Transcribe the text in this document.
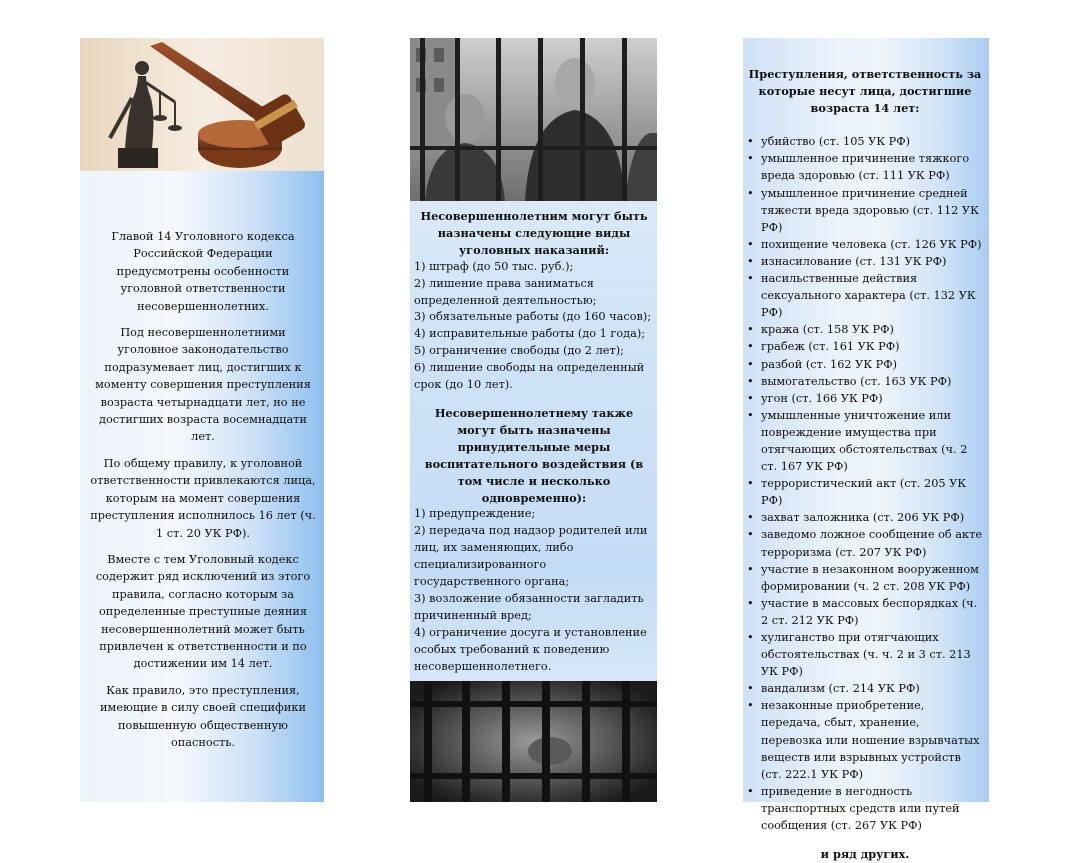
Главой 14 Уголовного кодекса Российской Федерации предусмотрены особенности уголовной ответственности несовершеннолетних.

Под несовершеннолетними уголовное законодательство подразумевает лиц, достигших к моменту совершения преступления возраста четырнадцати лет, но не достигших возраста восемнадцати лет.

По общему правилу, к уголовной ответственности привлекаются лица, которым на момент совершения преступления исполнилось 16 лет (ч. 1 ст. 20 УК РФ).

Вместе с тем Уголовный кодекс содержит ряд исключений из этого правила, согласно которым за определенные преступные деяния несовершеннолетний может быть привлечен к ответственности и по достижении им 14 лет.

Как правило, это преступления, имеющие в силу своей специфики повышенную общественную опасность.

Несовершеннолетним могут быть назначены следующие виды уголовных наказаний:
1) штраф (до 50 тыс. руб.);
2) лишение права заниматься определенной деятельностью;
3) обязательные работы (до 160 часов);
4) исправительные работы (до 1 года);
5) ограничение свободы (до 2 лет);
6) лишение свободы на определенный срок (до 10 лет).
Несовершеннолетнему также могут быть назначены принудительные меры воспитательного воздействия (в том числе и несколько одновременно):
1) предупреждение;
2) передача под надзор родителей или лиц, их заменяющих, либо специализированного государственного органа;
3) возложение обязанности загладить причиненный вред;
4) ограничение досуга и установление особых требований к поведению несовершеннолетнего.
Преступления, ответственность за которые несут лица, достигшие возраста 14 лет:
• убийство (ст. 105 УК РФ)
• умышленное причинение тяжкого вреда здоровью (ст. 111 УК РФ)
• умышленное причинение средней тяжести вреда здоровью (ст. 112 УК РФ)
• похищение человека (ст. 126 УК РФ)
• изнасилование (ст. 131 УК РФ)
• насильственные действия сексуального характера (ст. 132 УК РФ)
• кража (ст. 158 УК РФ)
• грабеж (ст. 161 УК РФ)
• разбой (ст. 162 УК РФ)
• вымогательство (ст. 163 УК РФ)
• угон (ст. 166 УК РФ)
• умышленные уничтожение или повреждение имущества при отягчающих обстоятельствах (ч. 2 ст. 167 УК РФ)
• террористический акт (ст. 205 УК РФ)
• захват заложника (ст. 206 УК РФ)
• заведомо ложное сообщение об акте терроризма (ст. 207 УК РФ)
• участие в незаконном вооруженном формировании (ч. 2 ст. 208 УК РФ)
• участие в массовых беспорядках (ч. 2 ст. 212 УК РФ)
• хулиганство при отягчающих обстоятельствах (ч. ч. 2 и 3 ст. 213 УК РФ)
• вандализм (ст. 214 УК РФ)
• незаконные приобретение, передача, сбыт, хранение, перевозка или ношение взрывчатых веществ или взрывных устройств (ст. 222.1 УК РФ)
• приведение в негодность транспортных средств или путей сообщения (ст. 267 УК РФ)
и ряд других.
